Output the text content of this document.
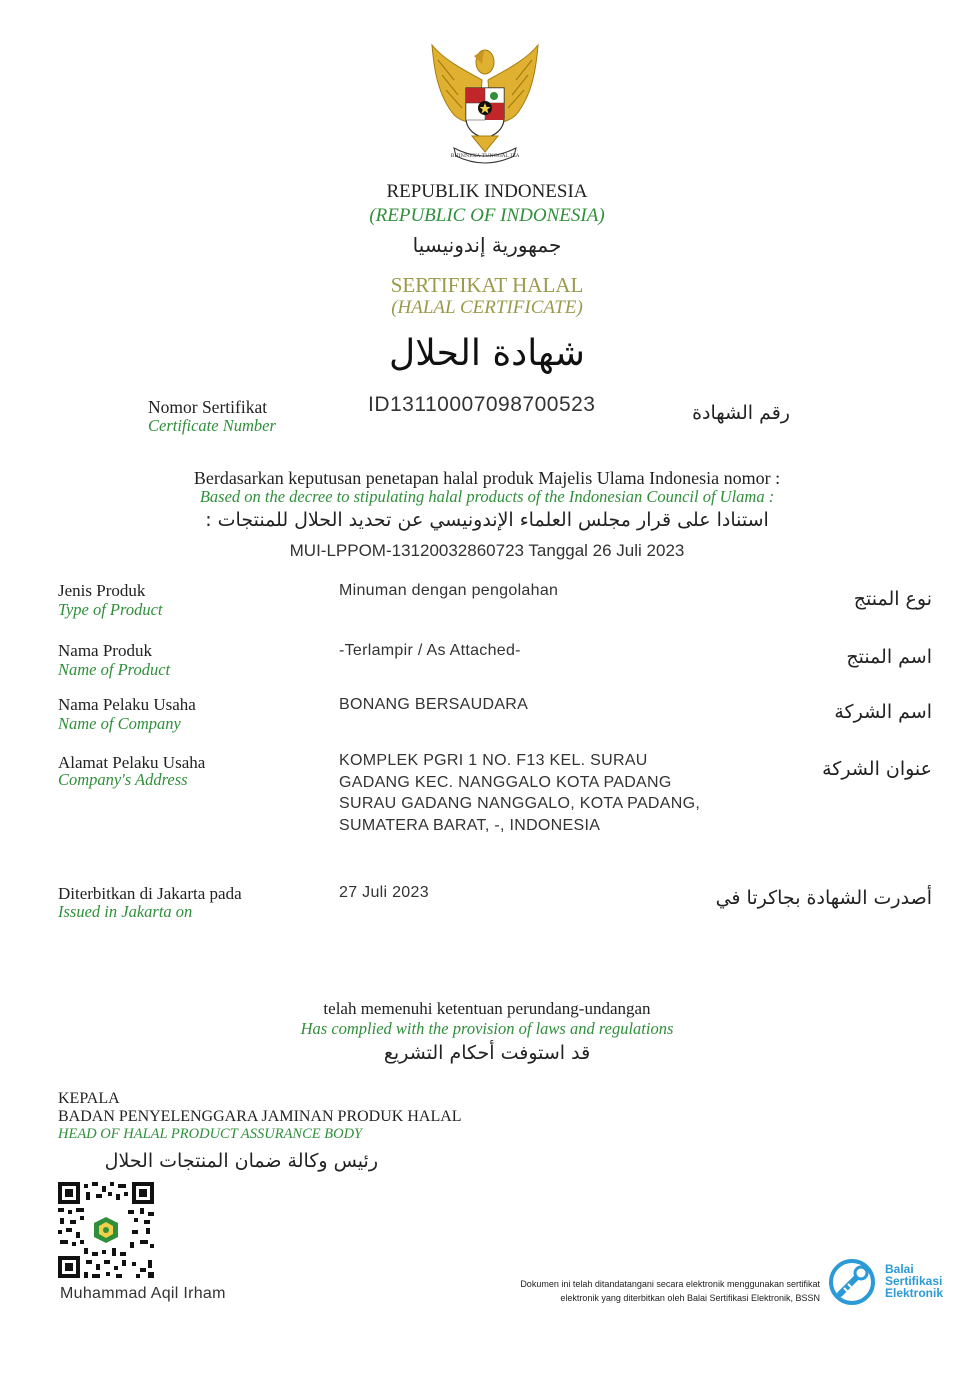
BHINNEKA TUNGGAL IKA
REPUBLIK INDONESIA
(REPUBLIC OF INDONESIA)
جمهورية إندونيسيا
SERTIFIKAT HALAL
(HALAL CERTIFICATE)
شهادة الحلال
Nomor Sertifikat
Certificate Number
ID13110007098700523	رقم الشهادة
Berdasarkan keputusan penetapan halal produk Majelis Ulama Indonesia nomor :
Based on the decree to stipulating halal products of the Indonesian Council of Ulama :
استنادا على قرار مجلس العلماء الإندونيسي عن تحديد الحلال للمنتجات :
MUI-LPPOM-13120032860723 Tanggal 26 Juli 2023
Jenis Produk
Type of Product
Minuman dengan pengolahan	نوع المنتج
Nama Produk
Name of Product
-Terlampir / As Attached-	اسم المنتج
Nama Pelaku Usaha
Name of Company
BONANG BERSAUDARA	اسم الشركة
Alamat Pelaku Usaha
Company's Address
KOMPLEK PGRI 1 NO. F13 KEL. SURAU
GADANG KEC. NANGGALO KOTA PADANG
SURAU GADANG NANGGALO, KOTA PADANG,
SUMATERA BARAT, -, INDONESIA
عنوان الشركة
Diterbitkan di Jakarta pada
Issued in Jakarta on
27 Juli 2023	أصدرت الشهادة بجاكرتا في
telah memenuhi ketentuan perundang-undangan
Has complied with the provision of laws and regulations
قد استوفت أحكام التشريع
KEPALA
BADAN PENYELENGGARA JAMINAN PRODUK HALAL
HEAD OF HALAL PRODUCT ASSURANCE BODY
رئيس وكالة ضمان المنتجات الحلال
Muhammad Aqil Irham
Dokumen ini telah ditandatangani secara elektronik menggunakan sertifikat
elektronik yang diterbitkan oleh Balai Sertifikasi Elektronik, BSSN
Balai
Sertifikasi
Elektronik
